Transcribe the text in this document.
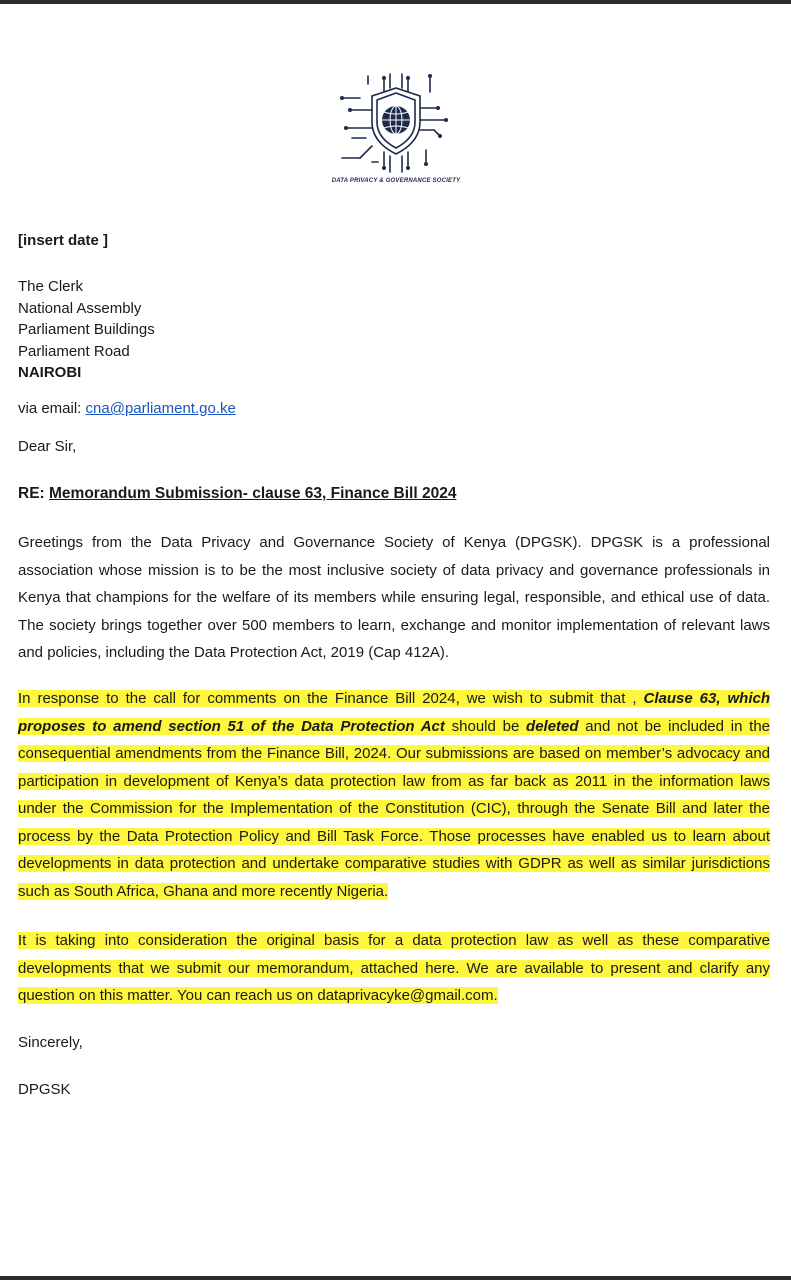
DATA PRIVACY & GOVERNANCE SOCIETY
[insert date ]
The Clerk
National Assembly
Parliament Buildings
Parliament Road
NAIROBI
via email: cna@parliament.go.ke
Dear Sir,
RE: Memorandum Submission- clause 63, Finance Bill 2024

Greetings from the Data Privacy and Governance Society of Kenya (DPGSK). DPGSK is a professional association whose mission is to be the most inclusive society of data privacy and governance professionals in Kenya that champions for the welfare of its members while ensuring legal, responsible, and ethical use of data. The society brings together over 500 members to learn, exchange and monitor implementation of relevant laws and policies, including the Data Protection Act, 2019 (Cap 412A).

In response to the call for comments on the Finance Bill 2024, we wish to submit that , Clause 63, which proposes to amend section 51 of the Data Protection Act should be deleted and not be included in the consequential amendments from the Finance Bill, 2024. Our submissions are based on member’s advocacy and participation in development of Kenya’s data protection law from as far back as 2011 in the information laws under the Commission for the Implementation of the Constitution (CIC), through the Senate Bill and later the process by the Data Protection Policy and Bill Task Force. Those processes have enabled us to learn about developments in data protection and undertake comparative studies with GDPR as well as similar jurisdictions such as South Africa, Ghana and more recently Nigeria.

It is taking into consideration the original basis for a data protection law as well as these comparative developments that we submit our memorandum, attached here. We are available to present and clarify any question on this matter. You can reach us on dataprivacyke@gmail.com.

Sincerely,
DPGSK
